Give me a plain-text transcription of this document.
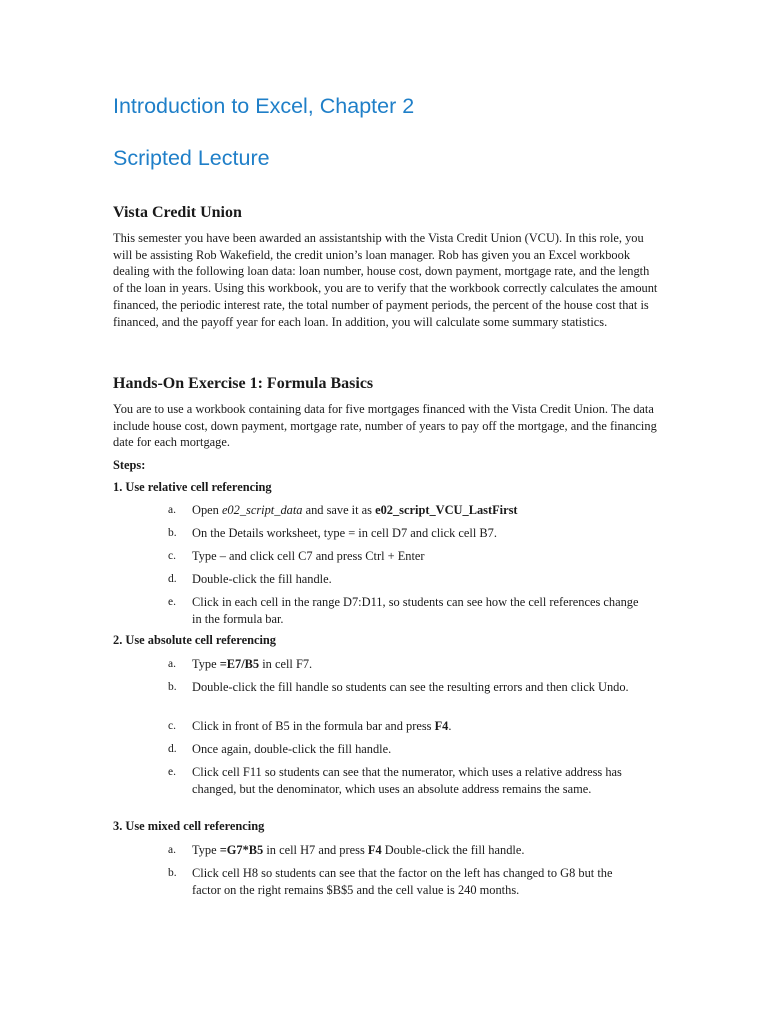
Introduction to Excel, Chapter 2
Scripted Lecture
Vista Credit Union

This semester you have been awarded an assistantship with the Vista Credit Union (VCU). In this role, you will be assisting Rob Wakefield, the credit union’s loan manager. Rob has given you an Excel workbook dealing with the following loan data: loan number, house cost, down payment, mortgage rate, and the length of the loan in years. Using this workbook, you are to verify that the workbook correctly calculates the amount financed, the periodic interest rate, the total number of payment periods, the percent of the house cost that is financed, and the payoff year for each loan. In addition, you will calculate some summary statistics.

Hands-On Exercise 1: Formula Basics

You are to use a workbook containing data for five mortgages financed with the Vista Credit Union. The data include house cost, down payment, mortgage rate, number of years to pay off the mortgage, and the financing date for each mortgage.

Steps:

1. Use relative cell referencing

a.	Open e02_script_data and save it as e02_script_VCU_LastFirst
b.	On the Details worksheet, type = in cell D7 and click cell B7.
c.	Type – and click cell C7 and press Ctrl + Enter
d.	Double-click the fill handle.
e.	Click in each cell in the range D7:D11, so students can see how the cell references change in the formula bar.

2. Use absolute cell referencing

a.	Type =E7/B5 in cell F7.
b.	Double-click the fill handle so students can see the resulting errors and then click Undo.
c.	Click in front of B5 in the formula bar and press F4.
d.	Once again, double-click the fill handle.
e.	Click cell F11 so students can see that the numerator, which uses a relative address has changed, but the denominator, which uses an absolute address remains the same.

3. Use mixed cell referencing

a.	Type =G7*B5 in cell H7 and press F4 Double-click the fill handle.
b.	Click cell H8 so students can see that the factor on the left has changed to G8 but the factor on the right remains $B$5 and the cell value is 240 months.
